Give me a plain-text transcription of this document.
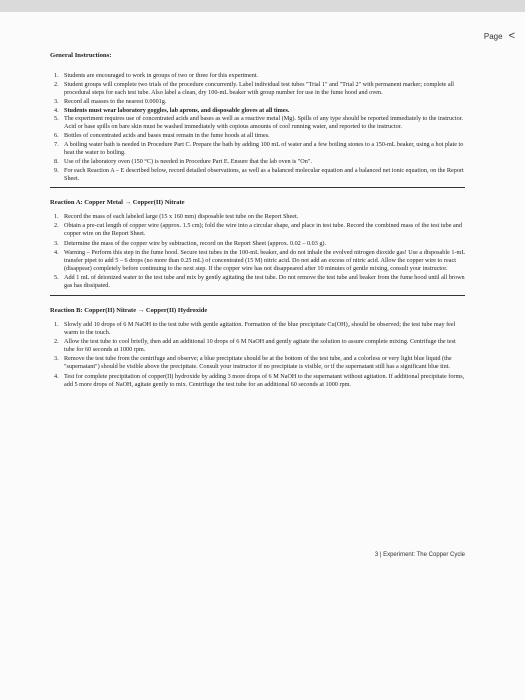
Page <
General Instructions:
1. Students are encouraged to work in groups of two or three for this experiment.
2. Student groups will complete two trials of the procedure concurrently. Label individual test tubes "Trial 1" and "Trial 2" with permanent marker; complete all procedural steps for each test tube. Also label a clean, dry 100-mL beaker with group number for use in the fume hood and oven.
3. Record all masses to the nearest 0.0001g.
4. Students must wear laboratory goggles, lab aprons, and disposable gloves at all times.
5. The experiment requires use of concentrated acids and bases as well as a reactive metal (Mg). Spills of any type should be reported immediately to the instructor. Acid or base spills on bare skin must be washed immediately with copious amounts of cool running water, and reported to the instructor.
6. Bottles of concentrated acids and bases must remain in the fume hoods at all times.
7. A boiling water bath is needed in Procedure Part C. Prepare the bath by adding 100 mL of water and a few boiling stones to a 150-mL beaker, using a hot plate to heat the water to boiling.
8. Use of the laboratory oven (150 °C) is needed in Procedure Part E. Ensure that the lab oven is "On".
9. For each Reaction A – E described below, record detailed observations, as well as a balanced molecular equation and a balanced net ionic equation, on the Report Sheet.
Reaction A: Copper Metal → Copper(II) Nitrate
1. Record the mass of each labeled large (15 x 160 mm) disposable test tube on the Report Sheet.
2. Obtain a pre-cut length of copper wire (approx. 1.5 cm); fold the wire into a circular shape, and place in test tube. Record the combined mass of the test tube and copper wire on the Report Sheet.
3. Determine the mass of the copper wire by subtraction, record on the Report Sheet (approx. 0.02 – 0.03 g).
4. Warning – Perform this step in the fume hood. Secure test tubes in the 100-mL beaker, and do not inhale the evolved nitrogen dioxide gas! Use a disposable 1-mL transfer pipet to add 5 – 6 drops (no more than 0.25 mL) of concentrated (15 M) nitric acid. Do not add an excess of nitric acid. Allow the copper wire to react (disappear) completely before continuing to the next step. If the copper wire has not disappeared after 10 minutes of gentle mixing, consult your instructor.
5. Add 1 mL of deionized water to the test tube and mix by gently agitating the test tube. Do not remove the test tube and beaker from the fume hood until all brown gas has dissipated.
Reaction B: Copper(II) Nitrate → Copper(II) Hydroxide
1. Slowly add 10 drops of 6 M NaOH to the test tube with gentle agitation. Formation of the blue precipitate Cu(OH)₂ should be observed; the test tube may feel warm to the touch.
2. Allow the test tube to cool briefly, then add an additional 10 drops of 6 M NaOH and gently agitate the solution to assure complete mixing. Centrifuge the test tube for 60 seconds at 1000 rpm.
3. Remove the test tube from the centrifuge and observe; a blue precipitate should be at the bottom of the test tube, and a colorless or very light blue liquid (the "supernatant") should be visible above the precipitate. Consult your instructor if no precipitate is visible, or if the supernatant still has a significant blue tint.
4. Test for complete precipitation of copper(II) hydroxide by adding 3 more drops of 6 M NaOH to the supernatant without agitation. If additional precipitate forms, add 5 more drops of NaOH, agitate gently to mix. Centrifuge the test tube for an additional 60 seconds at 1000 rpm.
3 | Experiment: The Copper Cycle
